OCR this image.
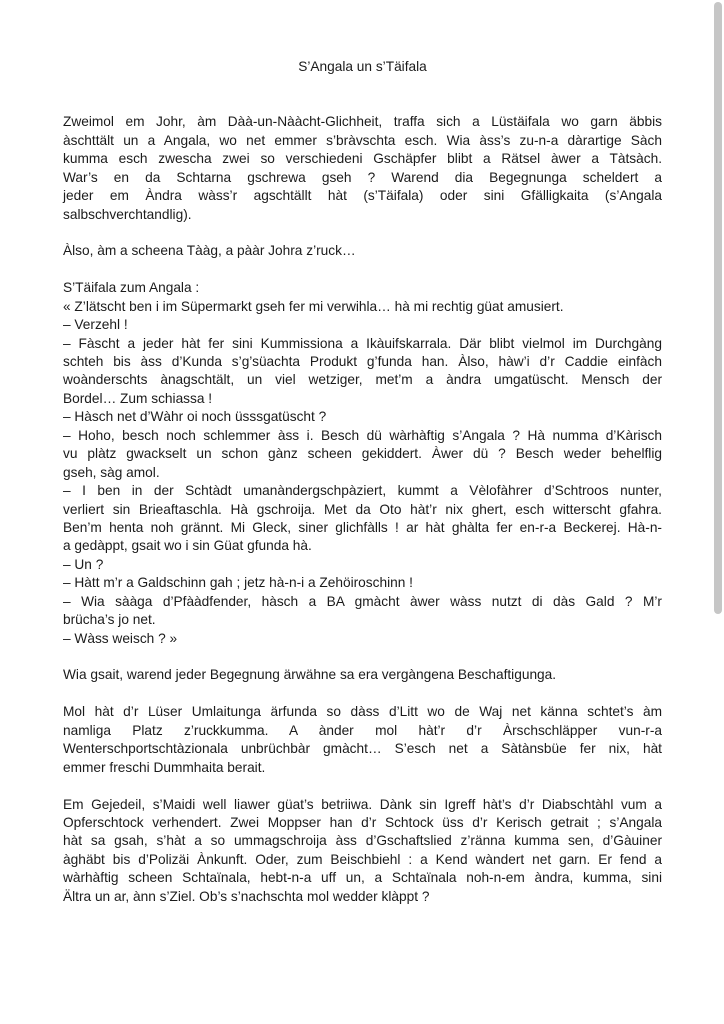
S’Angala un s’Täifala
Zweimol em Johr, àm Dàà-un-Nààcht-Glichheit, traffa sich a Lüstäifala wo garn äbbis
àschttält un a Angala, wo net emmer s’bràvschta esch. Wia àss’s zu-n-a dàrartige Sàch
kumma esch zwescha zwei so verschiedeni Gschäpfer blibt a Rätsel àwer a Tàtsàch.
War’s en da Schtarna gschrewa gseh ? Warend dia Begegnunga scheldert a
jeder em Àndra wàss’r agschtällt hàt (s’Täifala) oder sini Gfälligkaita (s’Angala
salbschverchtandlig).
Àlso, àm a scheena Tààg, a pààr Johra z’ruck…
S’Täifala zum Angala :
« Z’lätscht ben i im Süpermarkt gseh fer mi verwihla… hà mi rechtig güat amusiert.
– Verzehl !
– Fàscht a jeder hàt fer sini Kummissiona a Ikàuifskarrala. Där blibt vielmol im Durchgàng
schteh bis àss d’Kunda s’g’süachta Produkt g’funda han. Àlso, hàw’i d’r Caddie einfàch
woànderschts ànagschtält, un viel wetziger, met’m a àndra umgatüscht. Mensch der
Bordel… Zum schiassa !
– Hàsch net d’Wàhr oi noch üsssgatüscht ?
– Hoho, besch noch schlemmer àss i. Besch dü wàrhàftig s’Angala ? Hà numma d’Kàrisch
vu plàtz gwackselt un schon gànz scheen gekiddert. Àwer dü ? Besch weder behelflig
gseh, sàg amol.
– I ben in der Schtàdt umanàndergschpàziert, kummt a Vèlofàhrer d’Schtroos nunter,
verliert sin Brieaftaschla. Hà gschroija. Met da Oto hàt’r nix ghert, esch witterscht gfahra.
Ben’m henta noh grännt. Mi Gleck, siner glichfàlls ! ar hàt ghàlta fer en-r-a Beckerej. Hà-n-
a gedàppt, gsait wo i sin Güat gfunda hà.
– Un ?
– Hàtt m’r a Galdschinn gah ; jetz hà-n-i a Zehöiroschinn !
– Wia sààga d’Pfààdfender, hàsch a BA gmàcht àwer wàss nutzt di dàs Gald ? M’r
brücha’s jo net.
– Wàss weisch ? »
Wia gsait, warend jeder Begegnung ärwähne sa era vergàngena Beschaftigunga.
Mol hàt d’r Lüser Umlaitunga ärfunda so dàss d’Litt wo de Waj net känna schtet’s àm
namliga Platz z’ruckkumma. A ànder mol hàt’r d’r Àrschschläpper vun-r-a
Wenterschportschtàzionala unbrüchbàr gmàcht… S’esch net a Sàtànsbüe fer nix, hàt
emmer freschi Dummhaita berait.
Em Gejedeil, s’Maidi well liawer güat’s betriiwa. Dànk sin Igreff hàt’s d’r Diabschtàhl vum a
Opferschtock verhendert. Zwei Moppser han d’r Schtock üss d’r Kerisch getrait ; s’Angala
hàt sa gsah, s’hàt a so ummagschroija àss d’Gschaftslied z’ränna kumma sen, d’Gàuiner
àghäbt bis d’Polizäi Ànkunft. Oder, zum Beischbiehl : a Kend wàndert net garn. Er fend a
wàrhàftig scheen Schtaïnala, hebt-n-a uff un, a Schtaïnala noh-n-em àndra, kumma, sini
Ältra un ar, ànn s’Ziel. Ob’s s’nachschta mol wedder klàppt ?
